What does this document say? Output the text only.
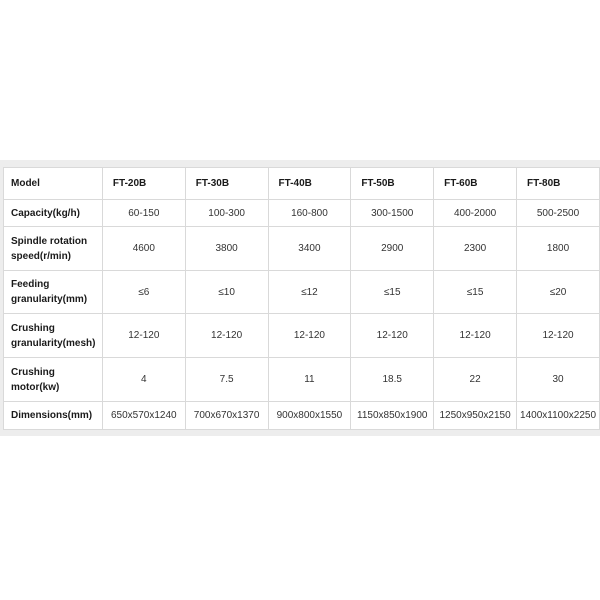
Model	FT-20B	FT-30B	FT-40B	FT-50B	FT-60B	FT-80B
Capacity(kg/h)	60-150	100-300	160-800	300-1500	400-2000	500-2500
Spindle rotation speed(r/min)	4600	3800	3400	2900	2300	1800
Feeding granularity(mm)	≤6	≤10	≤12	≤15	≤15	≤20
Crushing granularity(mesh)	12-120	12-120	12-120	12-120	12-120	12-120
Crushing motor(kw)	4	7.5	11	18.5	22	30
Dimensions(mm)	650x570x1240	700x670x1370	900x800x1550	1150x850x1900	1250x950x2150	1400x1100x2250
